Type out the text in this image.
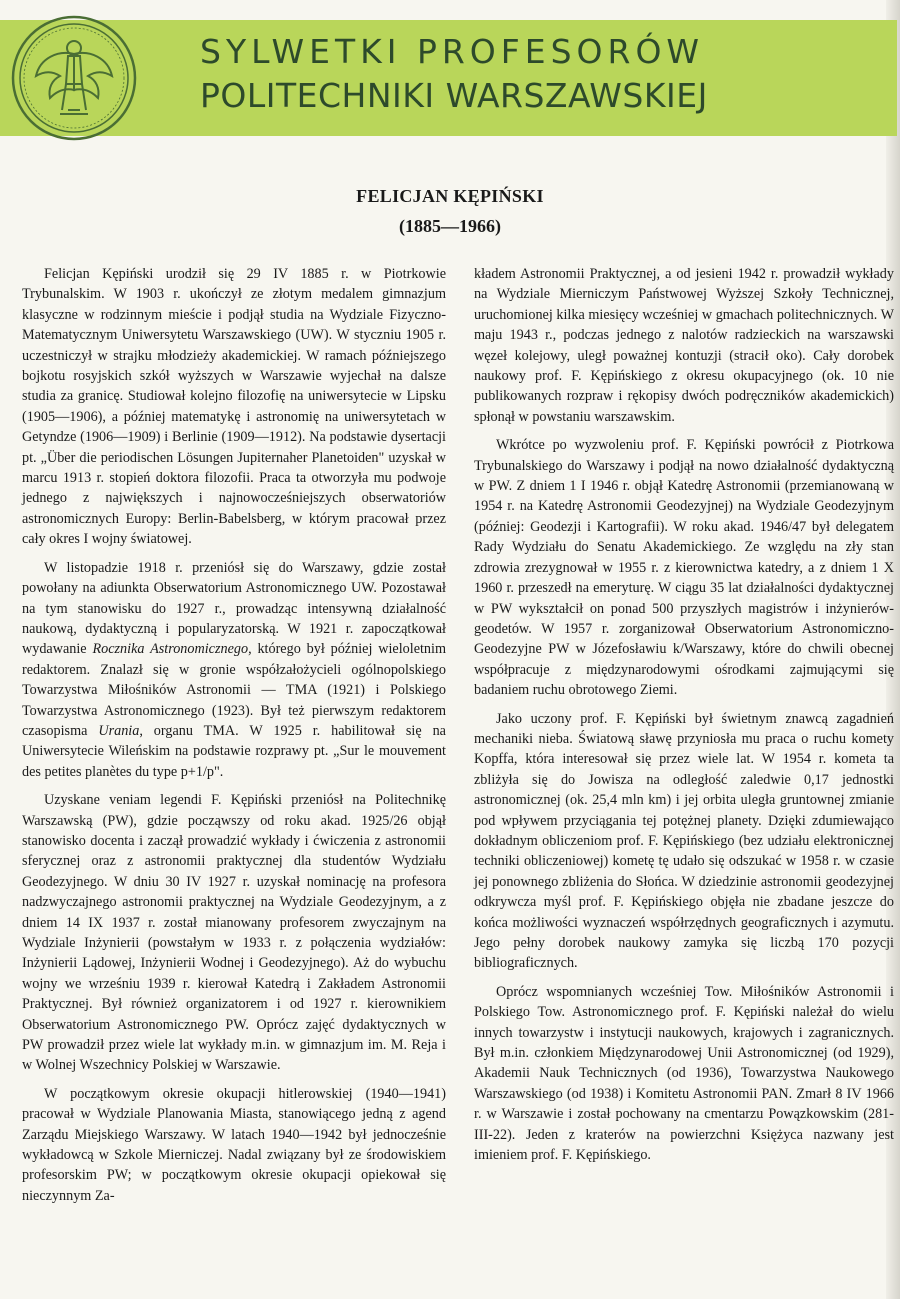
SYLWETKI PROFESORÓW
POLITECHNIKI WARSZAWSKIEJ
FELICJAN KĘPIŃSKI
(1885—1966)

Felicjan Kępiński urodził się 29 IV 1885 r. w Piotrkowie Trybunalskim. W 1903 r. ukończył ze złotym medalem gimnazjum klasyczne w rodzinnym mieście i podjął studia na Wydziale Fizyczno-Matematycznym Uniwersytetu Warszawskiego (UW). W styczniu 1905 r. uczestniczył w strajku młodzieży akademickiej. W ramach późniejszego bojkotu rosyjskich szkół wyższych w Warszawie wyjechał na dalsze studia za granicę. Studiował kolejno filozofię na uniwersytecie w Lipsku (1905—1906), a później matematykę i astronomię na uniwersytetach w Getyndze (1906—1909) i Berlinie (1909—1912). Na podstawie dysertacji pt. „Über die periodischen Lösungen Jupiternaher Planetoiden" uzyskał w marcu 1913 r. stopień doktora filozofii. Praca ta otworzyła mu podwoje jednego z największych i najnowocześniejszych obserwatoriów astronomicznych Europy: Berlin-Babelsberg, w którym pracował przez cały okres I wojny światowej.

W listopadzie 1918 r. przeniósł się do Warszawy, gdzie został powołany na adiunkta Obserwatorium Astronomicznego UW. Pozostawał na tym stanowisku do 1927 r., prowadząc intensywną działalność naukową, dydaktyczną i popularyzatorską. W 1921 r. zapoczątkował wydawanie Rocznika Astronomicznego, którego był później wieloletnim redaktorem. Znalazł się w gronie współzałożycieli ogólnopolskiego Towarzystwa Miłośników Astronomii — TMA (1921) i Polskiego Towarzystwa Astronomicznego (1923). Był też pierwszym redaktorem czasopisma Urania, organu TMA. W 1925 r. habilitował się na Uniwersytecie Wileńskim na podstawie rozprawy pt. „Sur le mouvement des petites planètes du type p+1/p".

Uzyskane veniam legendi F. Kępiński przeniósł na Politechnikę Warszawską (PW), gdzie począwszy od roku akad. 1925/26 objął stanowisko docenta i zaczął prowadzić wykłady i ćwiczenia z astronomii sferycznej oraz z astronomii praktycznej dla studentów Wydziału Geodezyjnego. W dniu 30 IV 1927 r. uzyskał nominację na profesora nadzwyczajnego astronomii praktycznej na Wydziale Geodezyjnym, a z dniem 14 IX 1937 r. został mianowany profesorem zwyczajnym na Wydziale Inżynierii (powstałym w 1933 r. z połączenia wydziałów: Inżynierii Lądowej, Inżynierii Wodnej i Geodezyjnego). Aż do wybuchu wojny we wrześniu 1939 r. kierował Katedrą i Zakładem Astronomii Praktycznej. Był również organizatorem i od 1927 r. kierownikiem Obserwatorium Astronomicznego PW. Oprócz zajęć dydaktycznych w PW prowadził przez wiele lat wykłady m.in. w gimnazjum im. M. Reja i w Wolnej Wszechnicy Polskiej w Warszawie.

W początkowym okresie okupacji hitlerowskiej (1940—1941) pracował w Wydziale Planowania Miasta, stanowiącego jedną z agend Zarządu Miejskiego Warszawy. W latach 1940—1942 był jednocześnie wykładowcą w Szkole Mierniczej. Nadal związany był ze środowiskiem profesorskim PW; w początkowym okresie okupacji opiekował się nieczynnym Za-

kładem Astronomii Praktycznej, a od jesieni 1942 r. prowadził wykłady na Wydziale Mierniczym Państwowej Wyższej Szkoły Technicznej, uruchomionej kilka miesięcy wcześniej w gmachach politechnicznych. W maju 1943 r., podczas jednego z nalotów radzieckich na warszawski węzeł kolejowy, uległ poważnej kontuzji (stracił oko). Cały dorobek naukowy prof. F. Kępińskiego z okresu okupacyjnego (ok. 10 nie publikowanych rozpraw i rękopisy dwóch podręczników akademickich) spłonął w powstaniu warszawskim.

Wkrótce po wyzwoleniu prof. F. Kępiński powrócił z Piotrkowa Trybunalskiego do Warszawy i podjął na nowo działalność dydaktyczną w PW. Z dniem 1 I 1946 r. objął Katedrę Astronomii (przemianowaną w 1954 r. na Katedrę Astronomii Geodezyjnej) na Wydziale Geodezyjnym (później: Geodezji i Kartografii). W roku akad. 1946/47 był delegatem Rady Wydziału do Senatu Akademickiego. Ze względu na zły stan zdrowia zrezygnował w 1955 r. z kierownictwa katedry, a z dniem 1 X 1960 r. przeszedł na emeryturę. W ciągu 35 lat działalności dydaktycznej w PW wykształcił on ponad 500 przyszłych magistrów i inżynierów-geodetów. W 1957 r. zorganizował Obserwatorium Astronomiczno-Geodezyjne PW w Józefosławiu k/Warszawy, które do chwili obecnej współpracuje z międzynarodowymi ośrodkami zajmującymi się badaniem ruchu obrotowego Ziemi.

Jako uczony prof. F. Kępiński był świetnym znawcą zagadnień mechaniki nieba. Światową sławę przyniosła mu praca o ruchu komety Kopffa, która interesował się przez wiele lat. W 1954 r. kometa ta zbliżyła się do Jowisza na odległość zaledwie 0,17 jednostki astronomicznej (ok. 25,4 mln km) i jej orbita uległa gruntownej zmianie pod wpływem przyciągania tej potężnej planety. Dzięki zdumiewająco dokładnym obliczeniom prof. F. Kępińskiego (bez udziału elektronicznej techniki obliczeniowej) kometę tę udało się odszukać w 1958 r. w czasie jej ponownego zbliżenia do Słońca. W dziedzinie astronomii geodezyjnej odkrywcza myśl prof. F. Kępińskiego objęła nie zbadane jeszcze do końca możliwości wyznaczeń współrzędnych geograficznych i azymutu. Jego pełny dorobek naukowy zamyka się liczbą 170 pozycji bibliograficznych.

Oprócz wspomnianych wcześniej Tow. Miłośników Astronomii i Polskiego Tow. Astronomicznego prof. F. Kępiński należał do wielu innych towarzystw i instytucji naukowych, krajowych i zagranicznych. Był m.in. członkiem Międzynarodowej Unii Astronomicznej (od 1929), Akademii Nauk Technicznych (od 1936), Towarzystwa Naukowego Warszawskiego (od 1938) i Komitetu Astronomii PAN. Zmarł 8 IV 1966 r. w Warszawie i został pochowany na cmentarzu Powązkowskim (281-III-22). Jeden z kraterów na powierzchni Księżyca nazwany jest imieniem prof. F. Kępińskiego.
